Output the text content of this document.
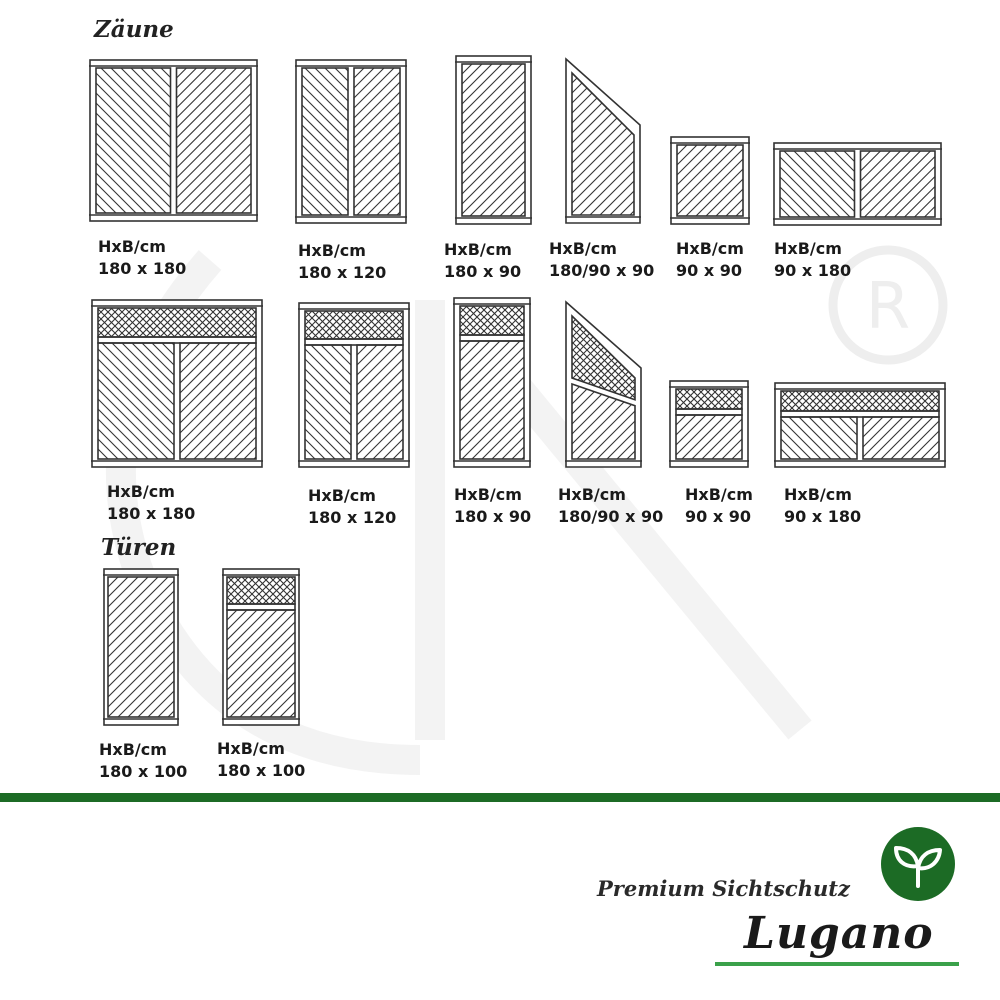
R
Zäune
HxB/cm
180 x 180
HxB/cm
180 x 120
HxB/cm
180 x 90
HxB/cm
180/90 x 90
HxB/cm
90 x 90
HxB/cm
90 x 180
HxB/cm
180 x 180
HxB/cm
180 x 120
HxB/cm
180 x 90
HxB/cm
180/90 x 90
HxB/cm
90 x 90
HxB/cm
90 x 180
Türen
HxB/cm
180 x 100
HxB/cm
180 x 100
Premium Sichtschutz
Lugano
